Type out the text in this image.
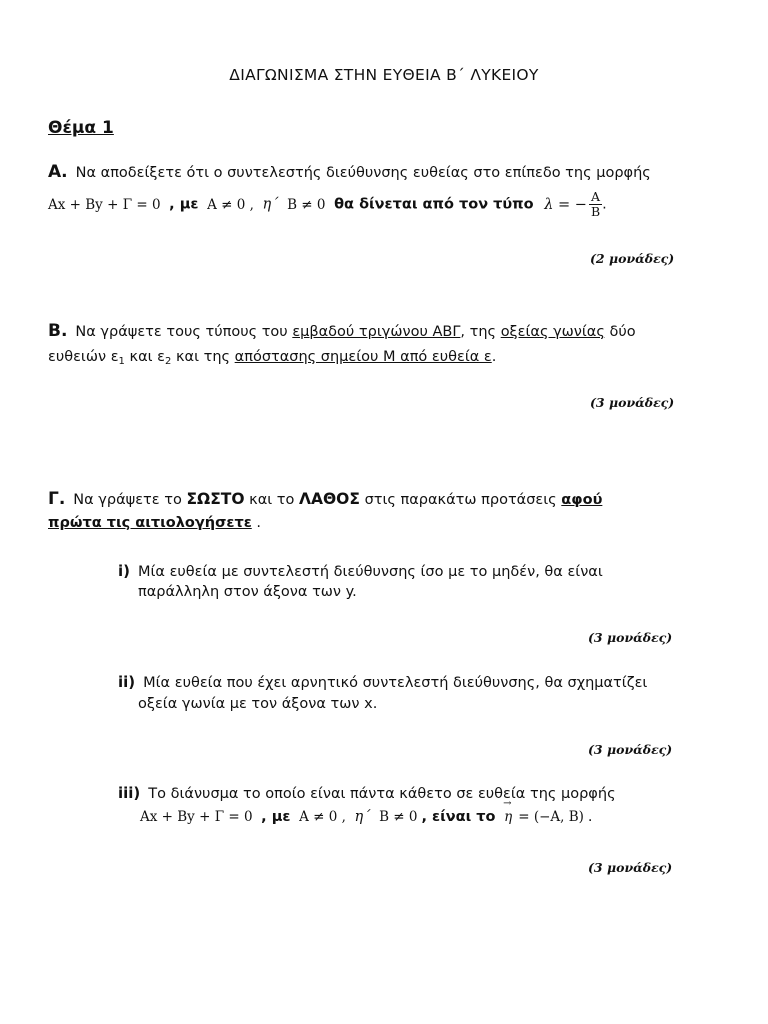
ΔΙΑΓΩΝΙΣΜΑ ΣΤΗΝ ΕΥΘΕΙΑ Β΄ ΛΥΚΕΙΟΥ
Θέμα 1
Α. Να αποδείξετε ότι ο συντελεστής διεύθυνσης ευθείας στο επίπεδο της μορφής
Αx + Βy + Γ = 0 , με Α ≠ 0 , η΄ Β ≠ 0 θα δίνεται από τον τύπο λ = − $\frac{A}{B}$ .
(2 μονάδες)
Β. Να γράψετε τους τύπους του εμβαδού τριγώνου ΑΒΓ, της οξείας γωνίας δύο
ευθειών $\varepsilon_1$ και $\varepsilon_2$ και της απόστασης σημείου Μ από ευθεία ε.
(3 μονάδες)
Γ. Να γράψετε το ΣΩΣΤΟ και το ΛΑΘΟΣ στις παρακάτω προτάσεις αφού
πρώτα τις αιτιολογήσετε .
i) Μία ευθεία με συντελεστή διεύθυνσης ίσο με το μηδέν, θα είναι
παράλληλη στον άξονα των y.
(3 μονάδες)
ii) Μία ευθεία που έχει αρνητικό συντελεστή διεύθυνσης, θα σχηματίζει
οξεία γωνία με τον άξονα των x.
(3 μονάδες)
iii) Το διάνυσμα το οποίο είναι πάντα κάθετο σε ευθεία της μορφής
Αx + Βy + Γ = 0 , με Α ≠ 0 , η΄ Β ≠ 0 , είναι το → η = (−Α, Β) .
(3 μονάδες)
